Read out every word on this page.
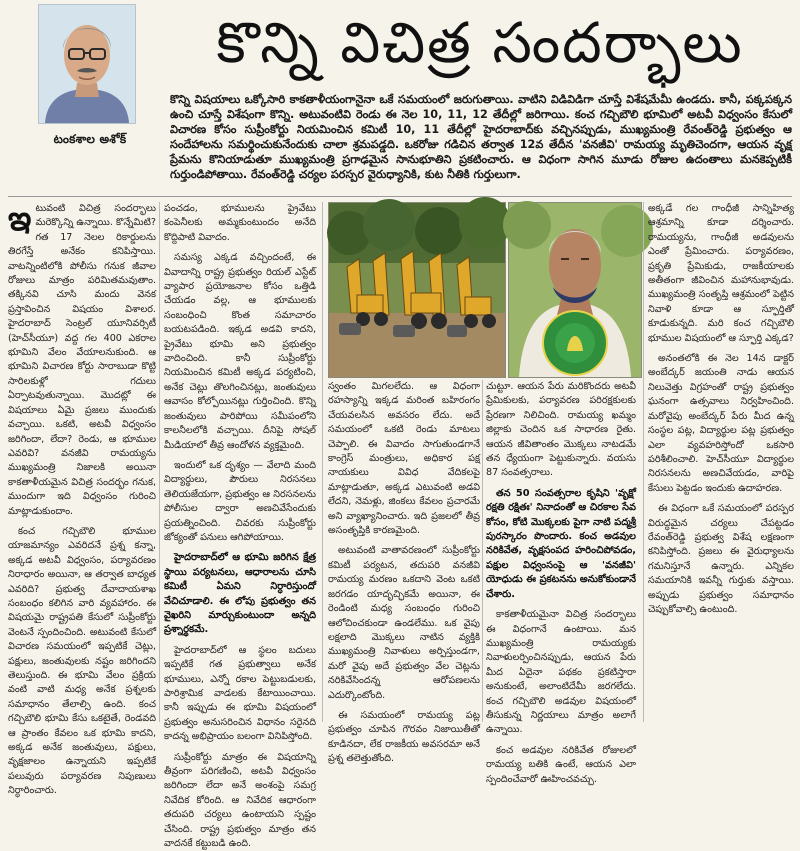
టంకశాల అశోక్
కొన్ని విచిత్ర సందర్భాలు
కొన్ని విషయాలు ఒక్కోసారి కాకతాళీయంగానైనా ఒకే సమయంలో జరుగుతాయి. వాటిని విడివిడిగా చూస్తే విశేషమేమీ ఉండదు. కానీ, పక్కపక్కన ఉంచి చూస్తే విశేషంగా కొన్ని. అటువంటివి రెండు ఈ నెల 10, 11, 12 తేదీల్లో జరిగాయి. కంచ గచ్చిబౌలి భూమిలో అటవీ విధ్వంసం కేసులో విచారణ కోసం సుప్రీంకోర్టు నియమించిన కమిటీ 10, 11 తేదీల్లో హైదరాబాద్‌కు వచ్చినప్పుడు, ముఖ్యమంత్రి రేవంత్‌రెడ్డి ప్రభుత్వం ఆ సందేహాలను సమర్థించుకునేందుకు చాలా శ్రమపడ్డది. ఒకరోజు గడిచిన తర్వాత 12వ తేదీన 'వనజీవి' రామయ్య మృతిచెందగా, ఆయన వృక్ష ప్రేమను కొనియాడుతూ ముఖ్యమంత్రి ప్రగాఢమైన సానుభూతిని ప్రకటించారు. ఆ విధంగా సాగిన మూడు రోజుల ఉదంతాలు మనకెప్పటికీ గుర్తుండిపోతాయి. రేవంత్‌రెడ్డి చర్యల పరస్పర వైరుధ్యానికి, కుట నీతికి గుర్తులుగా.

ఇటువంటి విచిత్ర సందర్భాలు మరెక్కొన్ని ఉన్నాయి. కొన్నేమిటి? గత 17 నెలల రికార్డులను తిరగేస్తే అనేకం కనిపిస్తాయి. వాటన్నింటిలోకి పోలీసు గనుక జీవాల రోజులు మాత్రం పరిమితమవుతాం. తక్కినవి చూసి మందు వెనక ప్రస్తావించిన విషయం విశాలర. హైదరాబాద్ సెంట్రల్ యూనివర్సిటీ (హెచ్‌సీయూ) వద్ద గల 400 ఎకరాల భూమిని వేలం వేయాలనుకుంది. ఆ భూమిని విచారణ కోర్టు సారాబుడా కొట్టి సారిలకుళ్లో గదులు ఏర్పాటవుతున్నాయి. మొదట్లో ఈ విషయాలు ఏమై ప్రజలు ముందుకు వచ్చాయి. ఒకటి, అటవీ విధ్వంసం జరిగిందా, లేదా? రెండు, ఆ భూముల ఎవరివి? వనజీవి రామయ్యను ముఖ్యమంత్రి నిజాలకి అయినా కాకతాళీయమైన విచిత్ర సందర్భం గనుక, ముందుగా ఇది విధ్వంసం గురించి మాట్లాడుకుందాం.

కంచ గచ్చిబౌలి భూముల యాజమాన్యం ఎవరిదనే ప్రశ్న కన్నా, అక్కడ అటవీ విధ్వంసం, పర్యావరణం నిరాధారం అయినా, ఆ తర్వాత బాధ్యత ఎవరిది? ప్రభుత్వ దేవాదాయశాఖ సంబంధం కలిగిన వారి వ్యవహారం. ఈ విషయమై రాష్ట్రపతి కేసులో సుప్రీంకోర్టు వెంటనే స్పందించింది. అటువంటి కేసులో విచారణ సమయంలో ఇప్పటికే చెట్లు, పక్షులు, జంతువులకు నష్టం జరిగిందని తెలుస్తుంది. ఈ భూమి వేలం ప్రక్రియ వంటి వాటి మధ్య అనేక ప్రశ్నలకు సమాధానం తేలాల్సి ఉంది. కంచ గచ్చిబౌలి భూమి కేసు ఒకటైతే, రెండవది ఆ ప్రాంతం కేవలం ఒక భూమి కాదని, అక్కడ అనేక జంతువులు, పక్షులు, వృక్షజాలం ఉన్నాయని ఇప్పటికే పలువురు పర్యావరణ నిపుణులు నిర్ధారించారు.

పంచడం, భూములను ప్రైవేటు కంపెనీలకు అమ్మకుంటుందం అనేది కొద్దిపాటి వివాదం.

సమస్య ఎక్కడ వచ్చిందంటే, ఈ వివాదాన్ని రాష్ట్ర ప్రభుత్వం రియల్ ఎస్టేట్ వ్యాపార ప్రయోజనాల కోసం ఒత్తిడి చేయడం వల్ల, ఆ భూములకు సంబంధించి కొంత సమాచారం బయటపడింది. ఇక్కడ అడవి కాదని, ప్రైవేటు భూమి అని ప్రభుత్వం వాదించింది. కానీ సుప్రీంకోర్టు నియమించిన కమిటీ అక్కడ పర్యటించి, అనేక చెట్లు తొలగించినట్లు, జంతువులు ఆవాసం కోల్పోయినట్లు గుర్తించింది. కొన్ని జంతువులు పారిపోయి సమీపంలోని కాలనీలలోకి వచ్చాయి. దీనిపై సోషల్ మీడియాలో తీవ్ర ఆందోళన వ్యక్తమైంది.

ఇందులో ఒక దృశ్యం — వేలాది మంది విద్యార్థులు, పౌరులు నిరసనలు తెలియజేయగా, ప్రభుత్వం ఆ నిరసనలను పోలీసుల ద్వారా అణచివేసేందుకు ప్రయత్నించింది. చివరకు సుప్రీంకోర్టు జోక్యంతో పనులు ఆగిపోయాయి.

హైదరాబాద్‌లో ఆ భూమి జరిగిన క్షేత్ర స్థాయి పర్యటనలు, ఆధారాలను చూసి కమిటీ ఏమని నిర్ధారిస్తుందో వేచిచూడాలి. ఈ లోపు ప్రభుత్వం తన వైఖరిని మార్చుకుంటుందా అన్నది ప్రశ్నార్థకమే.

హైదరాబాద్‌లో ఆ స్థలం బదులు ఇప్పటికే గత ప్రభుత్వాలు అనేక భూములు, ఎన్నో రకాల పెట్టుబడులకు, పారిశ్రామిక వాడలకు కేటాయించాయి. కానీ ఇప్పుడు ఈ భూమి విషయంలో ప్రభుత్వం అనుసరించిన విధానం సరైనది కాదన్న అభిప్రాయం బలంగా వినిపిస్తోంది.

సుప్రీంకోర్టు మాత్రం ఈ విషయాన్ని తీవ్రంగా పరిగణించి, అటవీ విధ్వంసం జరిగిందా లేదా అనే అంశంపై సమగ్ర నివేదిక కోరింది. ఆ నివేదిక ఆధారంగా తదుపరి చర్యలు ఉంటాయని స్పష్టం చేసింది. రాష్ట్ర ప్రభుత్వం మాత్రం తన వాదనకే కట్టుబడి ఉంది.

స్వంతం మిగలలేదు. ఆ విధంగా రహస్యాన్ని ఇక్కడ మరింత బహిరంగం చేయవలసిన అవసరం లేదు. అదే సమయంలో ఒకటి రెండు మాటలు చెప్పాలి. ఈ వివాదం సాగుతుండగానే కాంగ్రెస్ మంత్రులు, అధికార పక్ష నాయకులు వివిధ వేదికలపై మాట్లాడుతూ, అక్కడ ఎటువంటి అడవి లేదని, నెమళ్లు, జింకలు కేవలం ప్రచారమే అని వ్యాఖ్యానించారు. ఇది ప్రజలలో తీవ్ర అసంతృప్తికి కారణమైంది.

అటువంటి వాతావరణంలో సుప్రీంకోర్టు కమిటీ పర్యటన, తదుపరి వనజీవి రామయ్య మరణం ఒకదాని వెంట ఒకటి జరగడం యాదృచ్ఛికమే అయినా, ఈ రెండింటి మధ్య సంబంధం గురించి ఆలోచించకుండా ఉండలేము. ఒక వైపు లక్షలాది మొక్కలు నాటిన వ్యక్తికి ముఖ్యమంత్రి నివాళులు అర్పిస్తుండగా, మరో వైపు అదే ప్రభుత్వం వేల చెట్లను నరికివేసిందన్న ఆరోపణలను ఎదుర్కొంటోంది.

ఈ సమయంలో రామయ్య పట్ల ప్రభుత్వం చూపిన గౌరవం నిజాయితీతో కూడినదా, లేక రాజకీయ అవసరమా అనే ప్రశ్న తలెత్తుతోంది.

చుట్టూ. ఆయన పేరు మరికొందరు అటవీ ప్రేమికులకు, పర్యావరణ పరిరక్షకులకు ప్రేరణగా నిలిచింది. రామయ్య ఖమ్మం జిల్లాకు చెందిన ఒక సాధారణ రైతు. ఆయన జీవితాంతం మొక్కలు నాటడమే తన ధ్యేయంగా పెట్టుకున్నారు. వయసు 87 సంవత్సరాలు.

తన 50 సంవత్సరాల కృషిని 'వృక్షో రక్షతి రక్షితః' నినాదంతో ఆ చిరకాల సేవ కోసం, కోటి మొక్కలకు పైగా నాటి పద్మశ్రీ పురస్కారం పొందారు. కంచ అడవుల నరికివేత, వృక్షసంపద హరించిపోవడం, పక్షుల విధ్వంసంపై ఆ 'వనజీవి' యోధుడు ఈ ప్రకటనను అనుకోకుండానే చేశారు.

కాకతాళీయమైనా విచిత్ర సందర్భాలు ఈ విధంగానే ఉంటాయి. మన ముఖ్యమంత్రి రామయ్యకు నివాళులర్పించినప్పుడు, ఆయన పేరు మీద ఏదైనా పథకం ప్రకటిస్తారా అనుకుంటే, అలాంటిదేమీ జరగలేదు. కంచ గచ్చిబౌలి అడవుల విషయంలో తీసుకున్న నిర్ణయాలు మాత్రం అలాగే ఉన్నాయి.

కంచ అడవుల నరికివేత రోజులలో రామయ్య బతికి ఉంటే, ఆయన ఎలా స్పందించేవారో ఊహించవచ్చు.

అక్కడే గల గాంధీజీ సాన్నిహిత్య ఆశ్రమాన్ని కూడా దర్శించారు. రామయ్యను, గాంధీజీ అడవులను ఎంతో ప్రేమించారు. పర్యావరణం, ప్రకృతి ప్రేమికుడు, రాజకీయాలకు అతీతంగా జీవించిన మహానుభావుడు. ముఖ్యమంత్రి సంతృప్తి ఆశ్రమంలో పెట్టిన నివాళి కూడా ఆ స్ఫూర్తితో కూడుకున్నది. మరి కంచ గచ్చిబౌలి భూముల విషయంలో ఆ స్ఫూర్తి ఎక్కడ?

అనంతలోకి ఈ నెల 14న డాక్టర్ అంబేద్కర్ జయంతి నాడు ఆయన నిలువెత్తు విగ్రహంతో రాష్ట్ర ప్రభుత్వం ఘనంగా ఉత్సవాలు నిర్వహించింది. మరోవైపు అంబేద్కర్ పేరు మీద ఉన్న సంస్థల పట్ల, విద్యార్థుల పట్ల ప్రభుత్వం ఎలా వ్యవహరిస్తోందో ఒకసారి పరిశీలించాలి. హెచ్‌సీయూ విద్యార్థుల నిరసనలను అణచివేయడం, వారిపై కేసులు పెట్టడం ఇందుకు ఉదాహరణ.

ఈ విధంగా ఒకే సమయంలో పరస్పర విరుద్ధమైన చర్యలు చేపట్టడం రేవంత్‌రెడ్డి ప్రభుత్వ విశేష లక్షణంగా కనిపిస్తోంది. ప్రజలు ఈ వైరుధ్యాలను గమనిస్తూనే ఉన్నారు. ఎన్నికల సమయానికి ఇవన్నీ గుర్తుకు వస్తాయి. అప్పుడు ప్రభుత్వం సమాధానం చెప్పుకోవాల్సి ఉంటుంది.
